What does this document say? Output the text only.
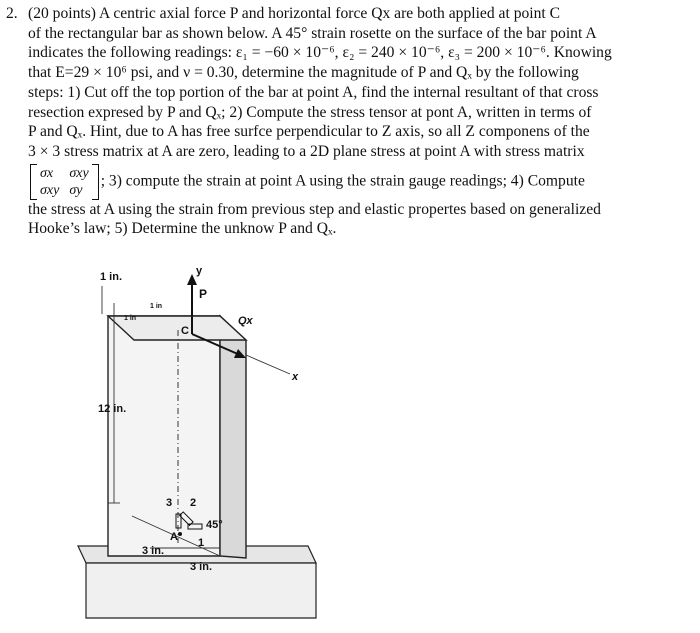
2. (20 points) A centric axial force P and horizontal force Qx are both applied at point C

of the rectangular bar as shown below. A 45° strain rosette on the surface of the bar point A

indicates the following readings: ε₁ = −60 × 10⁻⁶, ε₂ = 240 × 10⁻⁶, ε₃ = 200 × 10⁻⁶. Knowing

that E=29 × 10⁶ psi, and ν = 0.30, determine the magnitude of P and Qₓ by the following

steps: 1) Cut off the top portion of the bar at point A, find the internal resultant of that cross

resection expresed by P and Qₓ; 2) Compute the stress tensor at pont A, written in terms of

P and Qₓ. Hint, due to A has free surfce perpendicular to Z axis, so all Z componens of the

3 × 3 stress matrix at A are zero, leading to a 2D plane stress at point A with stress matrix

σx	σxy
σxy σy
; 3) compute the strain at point A using the strain gauge readings; 4) Compute

the stress at A using the strain from previous step and elastic propertes based on generalized

Hooke’s law; 5) Determine the unknow P and Qₓ.

1 in.
1 in
1 in
12 in.
y
P
Qx
x
C
A 1
2
3
45°
3 in.
3 in.
